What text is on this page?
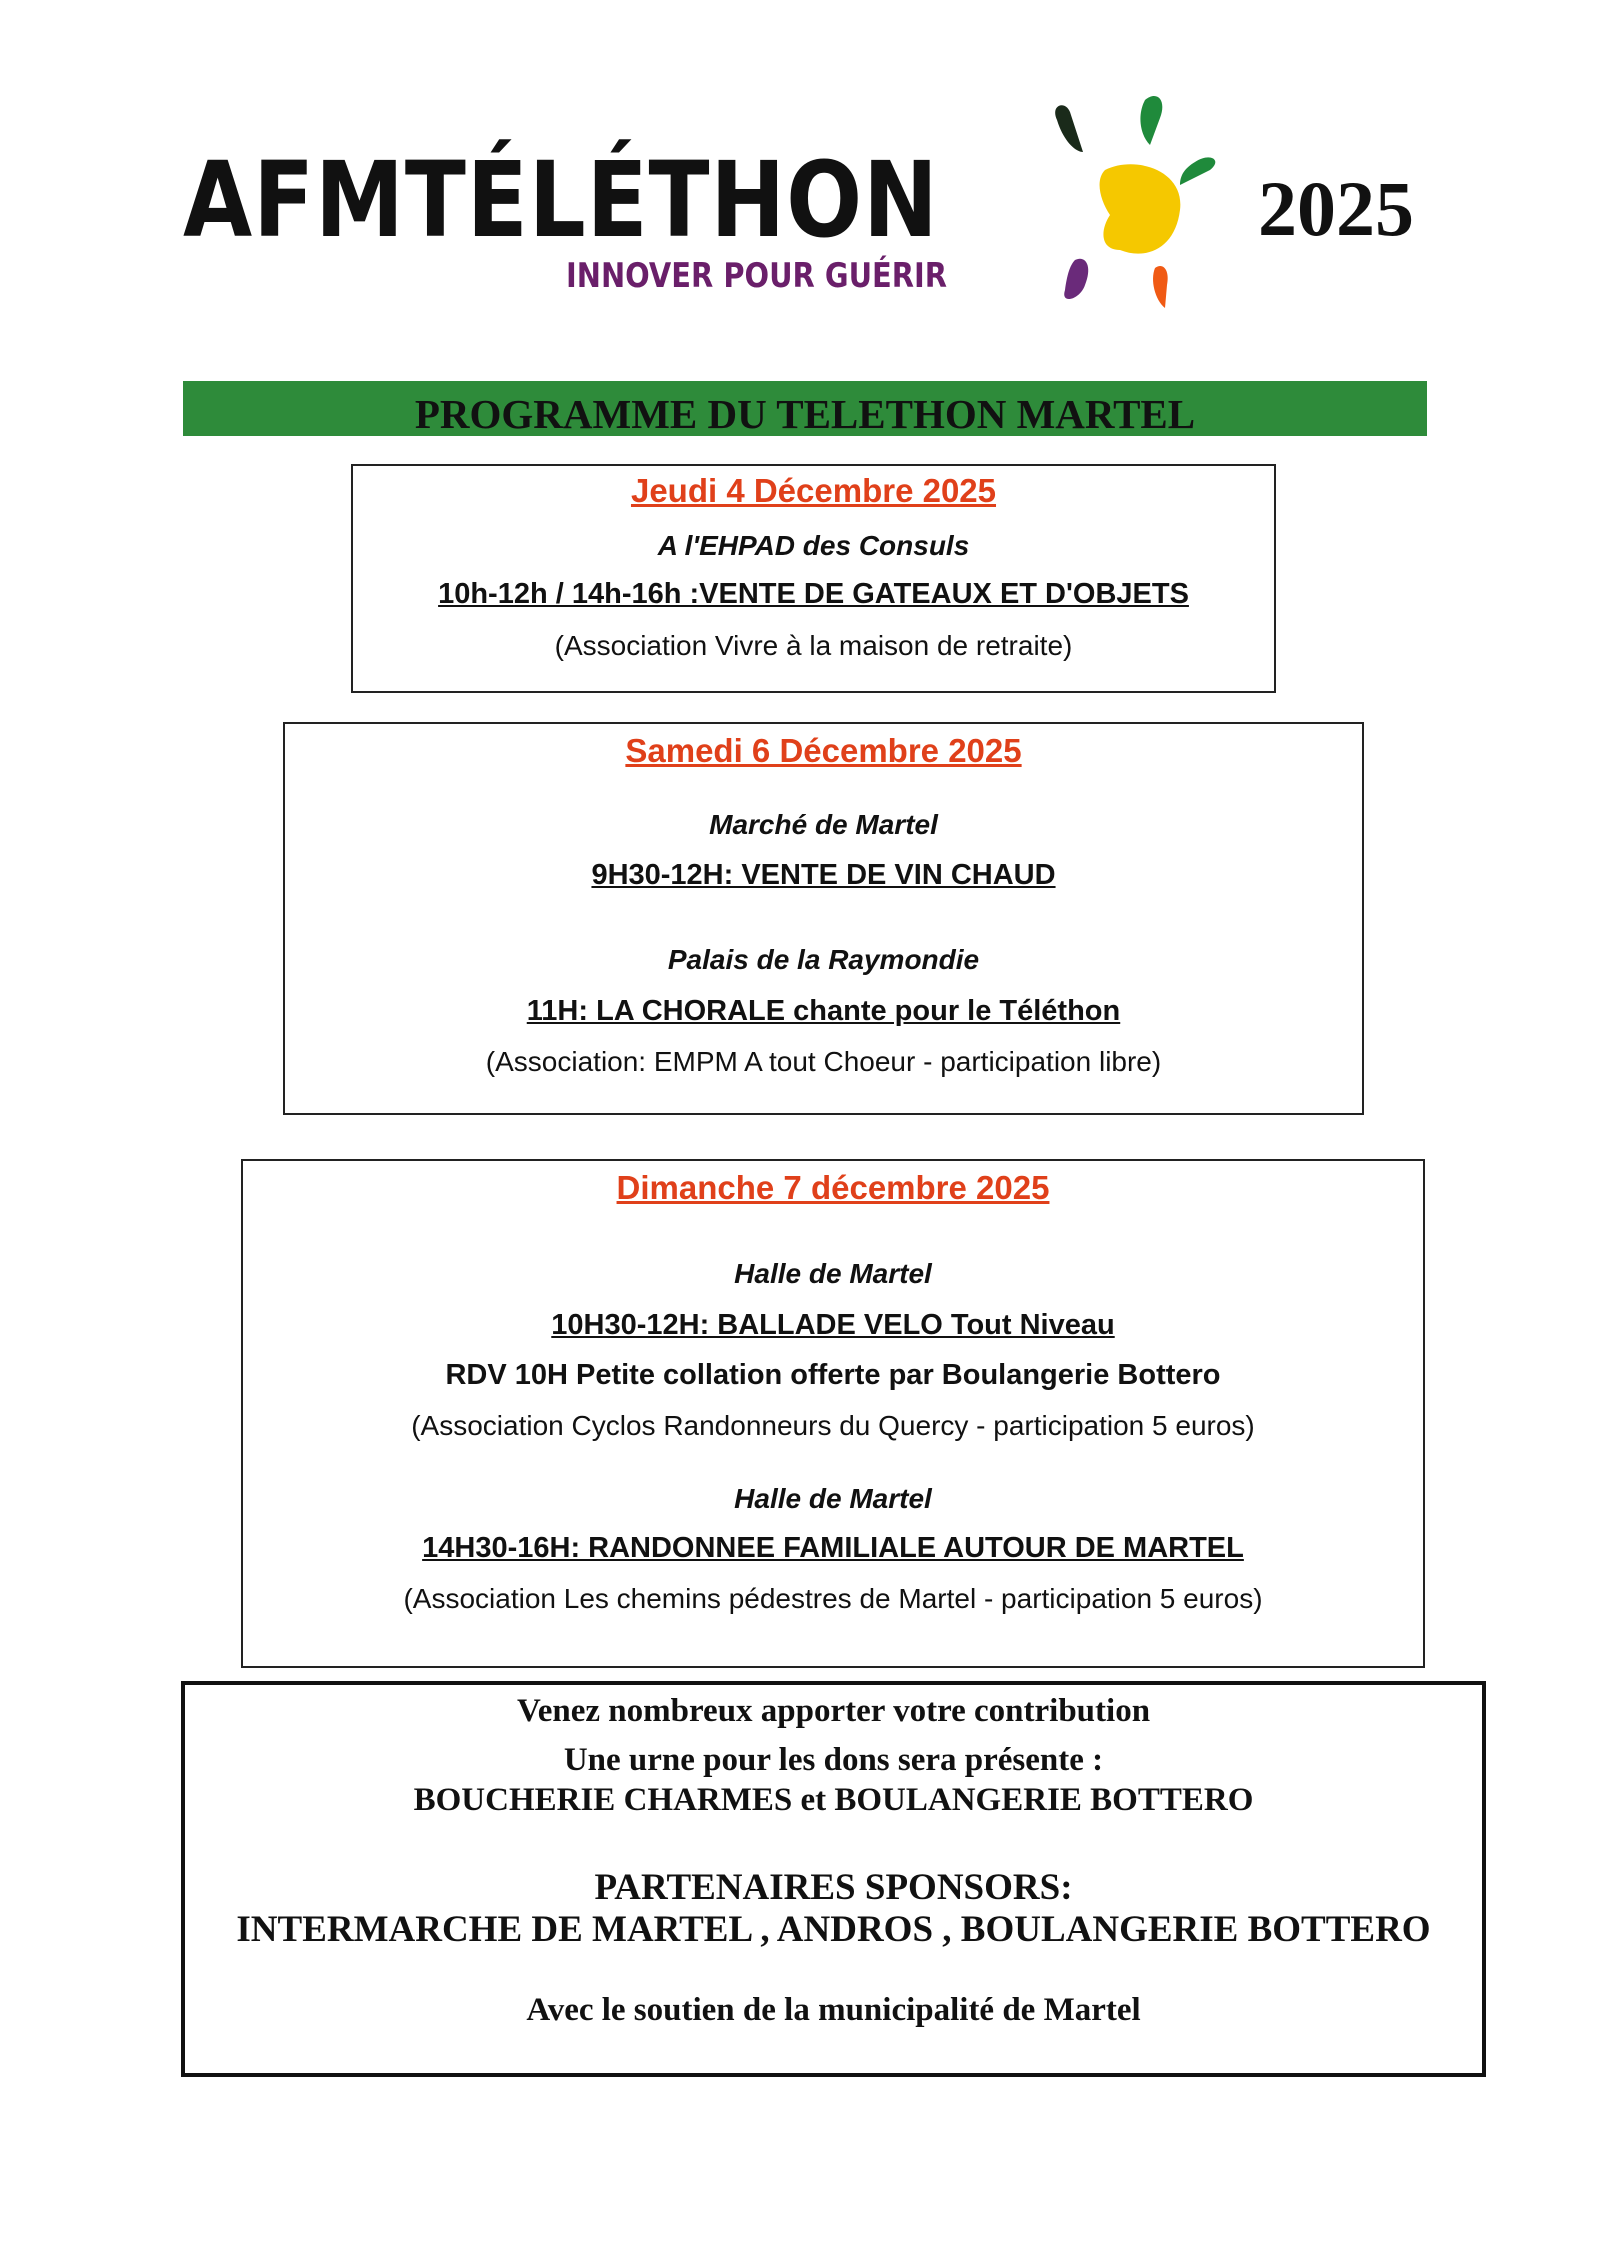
AFMTÉLÉTHON
INNOVER POUR GUÉRIR
2025
PROGRAMME DU TELETHON MARTEL
Jeudi 4 Décembre 2025
A l'EHPAD des Consuls
10h-12h / 14h-16h :VENTE DE GATEAUX ET D'OBJETS
(Association Vivre à la maison de retraite)
Samedi 6 Décembre 2025
Marché de Martel
9H30-12H: VENTE DE VIN CHAUD
Palais de la Raymondie
11H: LA CHORALE chante pour le Téléthon
(Association: EMPM A tout Choeur - participation libre)
Dimanche 7 décembre 2025
Halle de Martel
10H30-12H: BALLADE VELO Tout Niveau
RDV 10H Petite collation offerte par Boulangerie Bottero
(Association Cyclos Randonneurs du Quercy - participation 5 euros)
Halle de Martel
14H30-16H: RANDONNEE FAMILIALE AUTOUR DE MARTEL
(Association Les chemins pédestres de Martel - participation 5 euros)
Venez nombreux apporter votre contribution
Une urne pour les dons sera présente :
BOUCHERIE CHARMES et BOULANGERIE BOTTERO
PARTENAIRES SPONSORS:
INTERMARCHE DE MARTEL , ANDROS , BOULANGERIE BOTTERO
Avec le soutien de la municipalité de Martel
